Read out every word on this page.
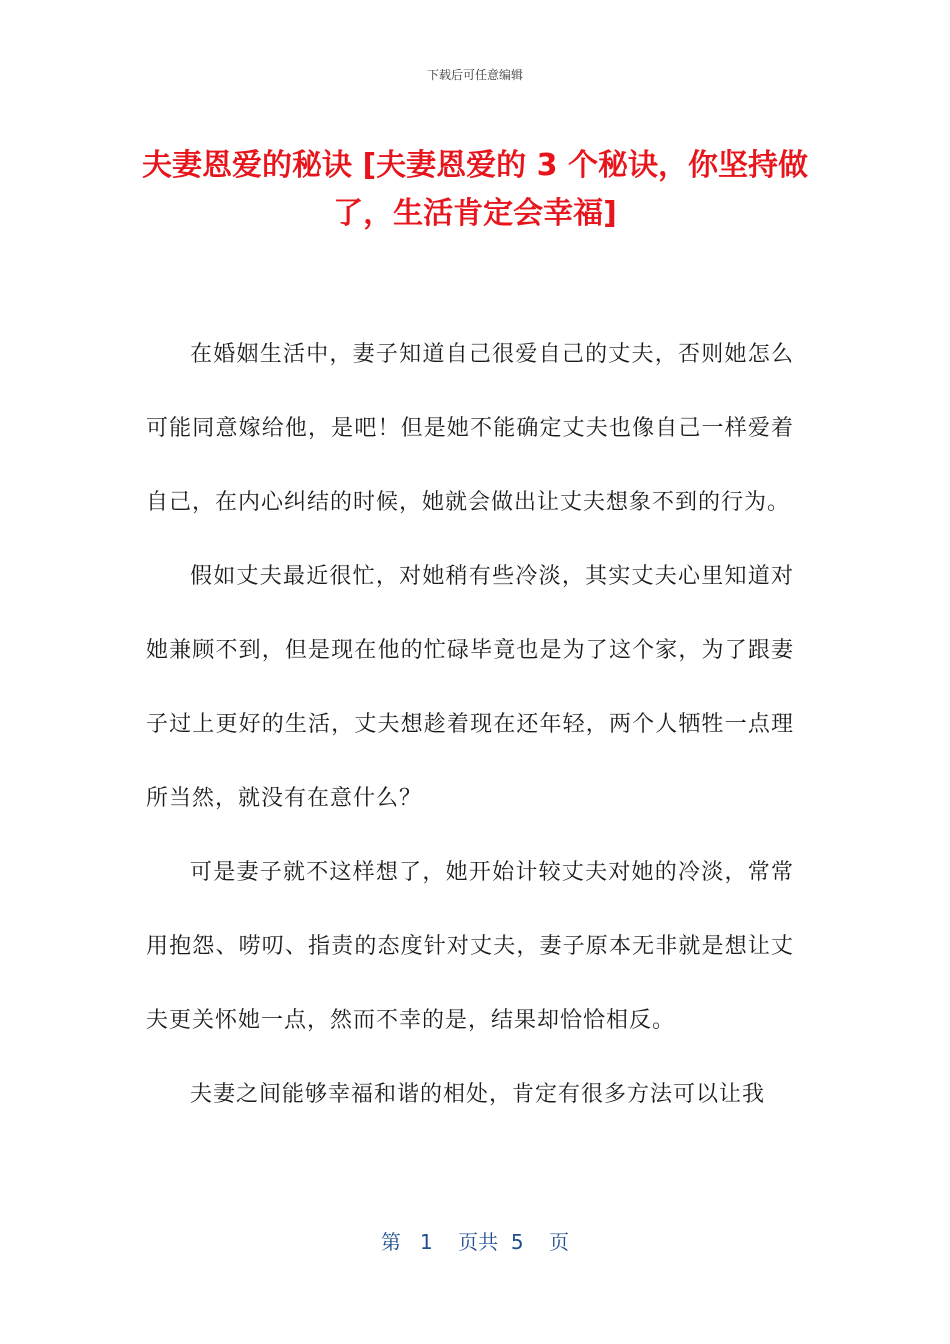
下载后可任意编辑
夫妻恩爱的秘诀 [夫妻恩爱的 3 个秘诀，你坚持做了，生活肯定会幸福]

在婚姻生活中，妻子知道自己很爱自己的丈夫，否则她怎么可能同意嫁给他，是吧！但是她不能确定丈夫也像自己一样爱着自己，在内心纠结的时候，她就会做出让丈夫想象不到的行为。

假如丈夫最近很忙，对她稍有些冷淡，其实丈夫心里知道对她兼顾不到，但是现在他的忙碌毕竟也是为了这个家，为了跟妻子过上更好的生活，丈夫想趁着现在还年轻，两个人牺牲一点理所当然，就没有在意什么？

可是妻子就不这样想了，她开始计较丈夫对她的冷淡，常常用抱怨、唠叨、指责的态度针对丈夫，妻子原本无非就是想让丈夫更关怀她一点，然而不幸的是，结果却恰恰相反。

夫妻之间能够幸福和谐的相处，肯定有很多方法可以让我

第 1 页共 5 页
